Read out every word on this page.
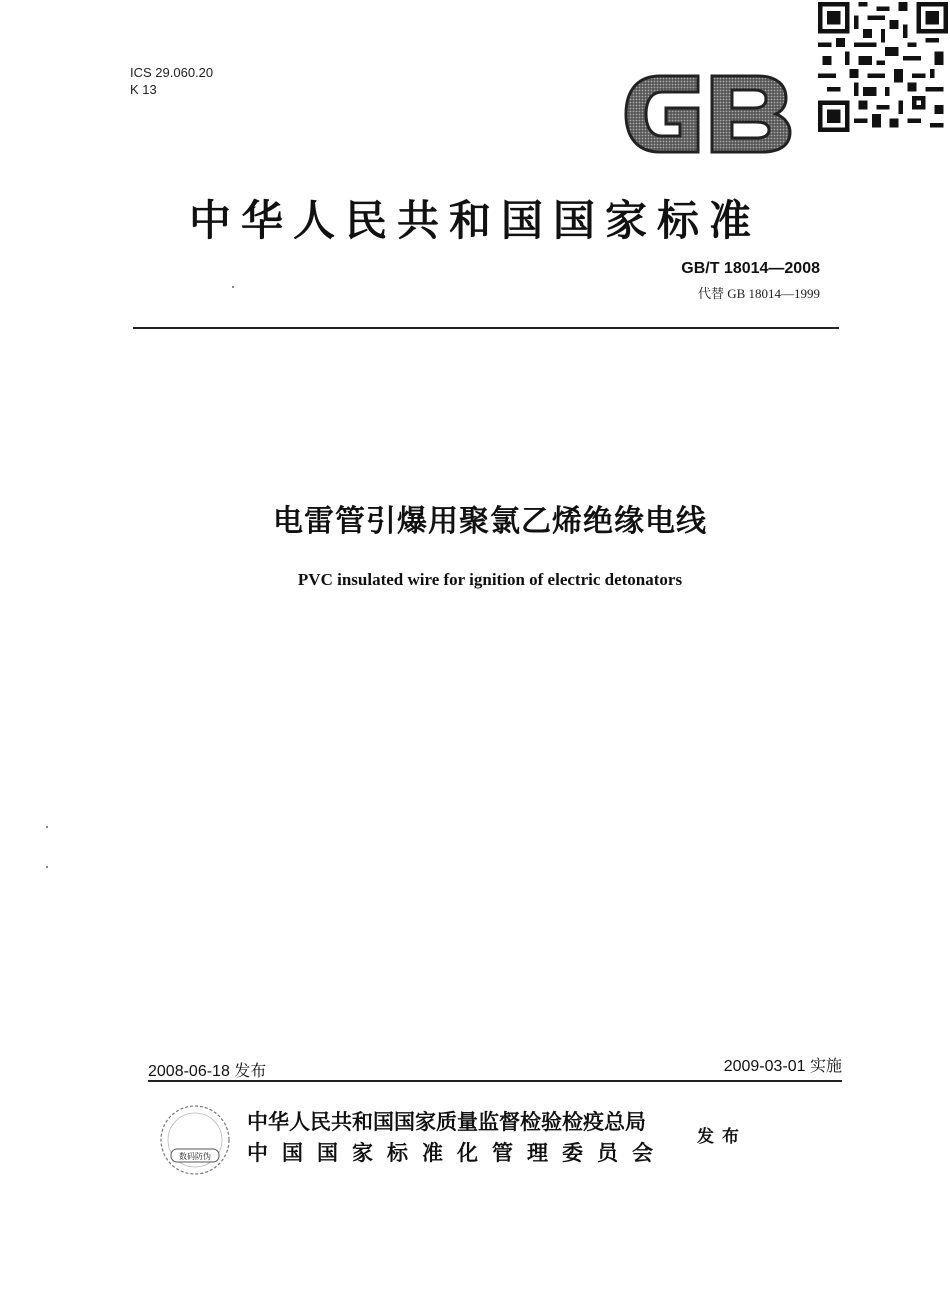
ICS 29.060.20
K 13
中华人民共和国国家标准
GB/T 18014—2008
代替 GB 18014—1999
电雷管引爆用聚氯乙烯绝缘电线
PVC insulated wire for ignition of electric detonators
2008-06-18 发布	2009-03-01 实施
数码防伪
中华人民共和国国家质量监督检验检疫总局
中国国家标准化管理委员会
发布
